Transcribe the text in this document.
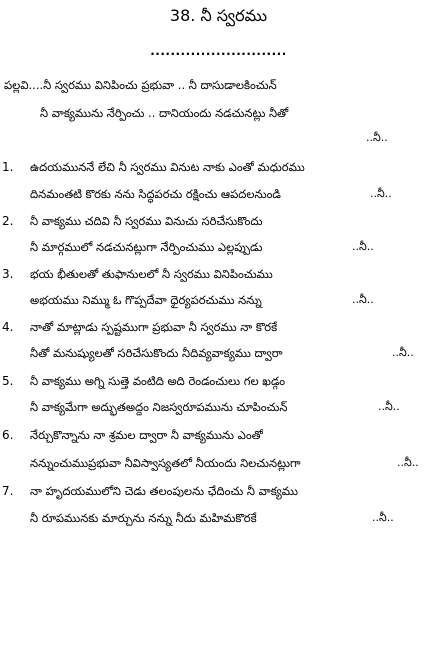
38. నీ స్వరము
...........................
పల్లవి....నీ స్వరము వినిపించు ప్రభువా .. నీ దాసుడాలకించున్
నీ వాక్యమును నేర్పించు .. దానియందు నడచునట్లు నీతో
..నీ..
1. ఉదయముననే లేచి నీ స్వరము వినుట నాకు ఎంతో మధురము
దినమంతటి కొరకు నను సిద్ధపరచు రక్షించు ఆపదలనుండి	..నీ..
2. నీ వాక్యము చదివి నీ స్వరము వినుచు సరిచేసుకొందు
నీ మార్గములో నడచునట్లుగా నేర్పించుము ఎల్లప్పుడు	..నీ..
3. భయ భీతులతో తుఫానులలో నీ స్వరము వినిపించుము
అభయము నిమ్ము ఓ గొప్పదేవా ధైర్యపరచుము నన్ను	..నీ..
4. నాతో మాట్లాడు స్పష్టముగా ప్రభువా నీ స్వరము నా కొరకే
నీతో మనుష్యులతో సరిచేసుకొందు నీదివ్యవాక్యము ద్వారా	..నీ..
5. నీ వాక్యము అగ్ని సుత్తె వంటిది అది రెండంచులు గల ఖడ్గం
నీ వాక్యమేగా అద్భుతఅద్దం నిజస్వరూపమును చూపించున్	..నీ..
6. నేర్చుకొన్నాను నా శ్రమల ద్వారా నీ వాక్యమును ఎంతో
నన్నుంచుముప్రభువా నీవిస్వాస్యతలో నీయందు నిలచునట్లుగా	..నీ..
7. నా హృదయములోని చెడు తలంపులను ఛేదించు నీ వాక్యము
నీ రూపమునకు మార్చును నన్ను నీదు మహిమకొరకే	..నీ..
